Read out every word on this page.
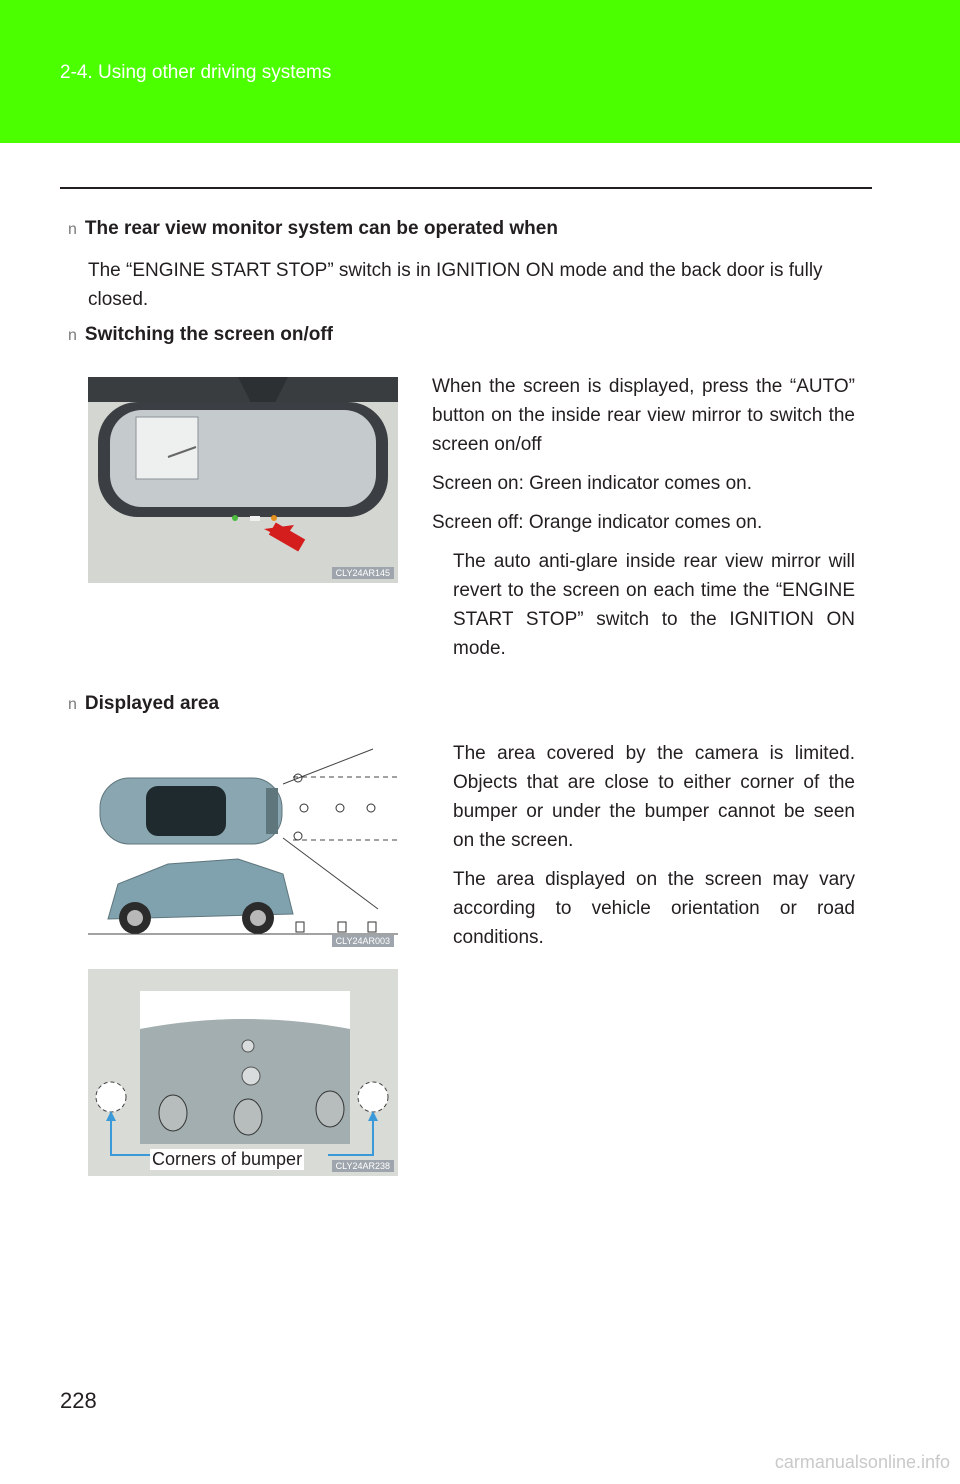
2-4. Using other driving systems
n The rear view monitor system can be operated when
The “ENGINE START STOP” switch is in IGNITION ON mode and the back door is fully closed.
n Switching the screen on/off
CLY24AR145

When the screen is displayed, press the “AUTO” button on the inside rear view mirror to switch the screen on/off

Screen on: Green indicator comes on.

Screen off: Orange indicator comes on.

The auto anti-glare inside rear view mirror will revert to the screen on each time the “ENGINE START STOP” switch to the IGNITION ON mode.

n Displayed area
CLY24AR003

The area covered by the camera is limited. Objects that are close to either corner of the bumper or under the bumper cannot be seen on the screen.

The area displayed on the screen may vary according to vehicle orientation or road conditions.

CLY24AR238
Corners of bumper
228
carmanualsonline.info
